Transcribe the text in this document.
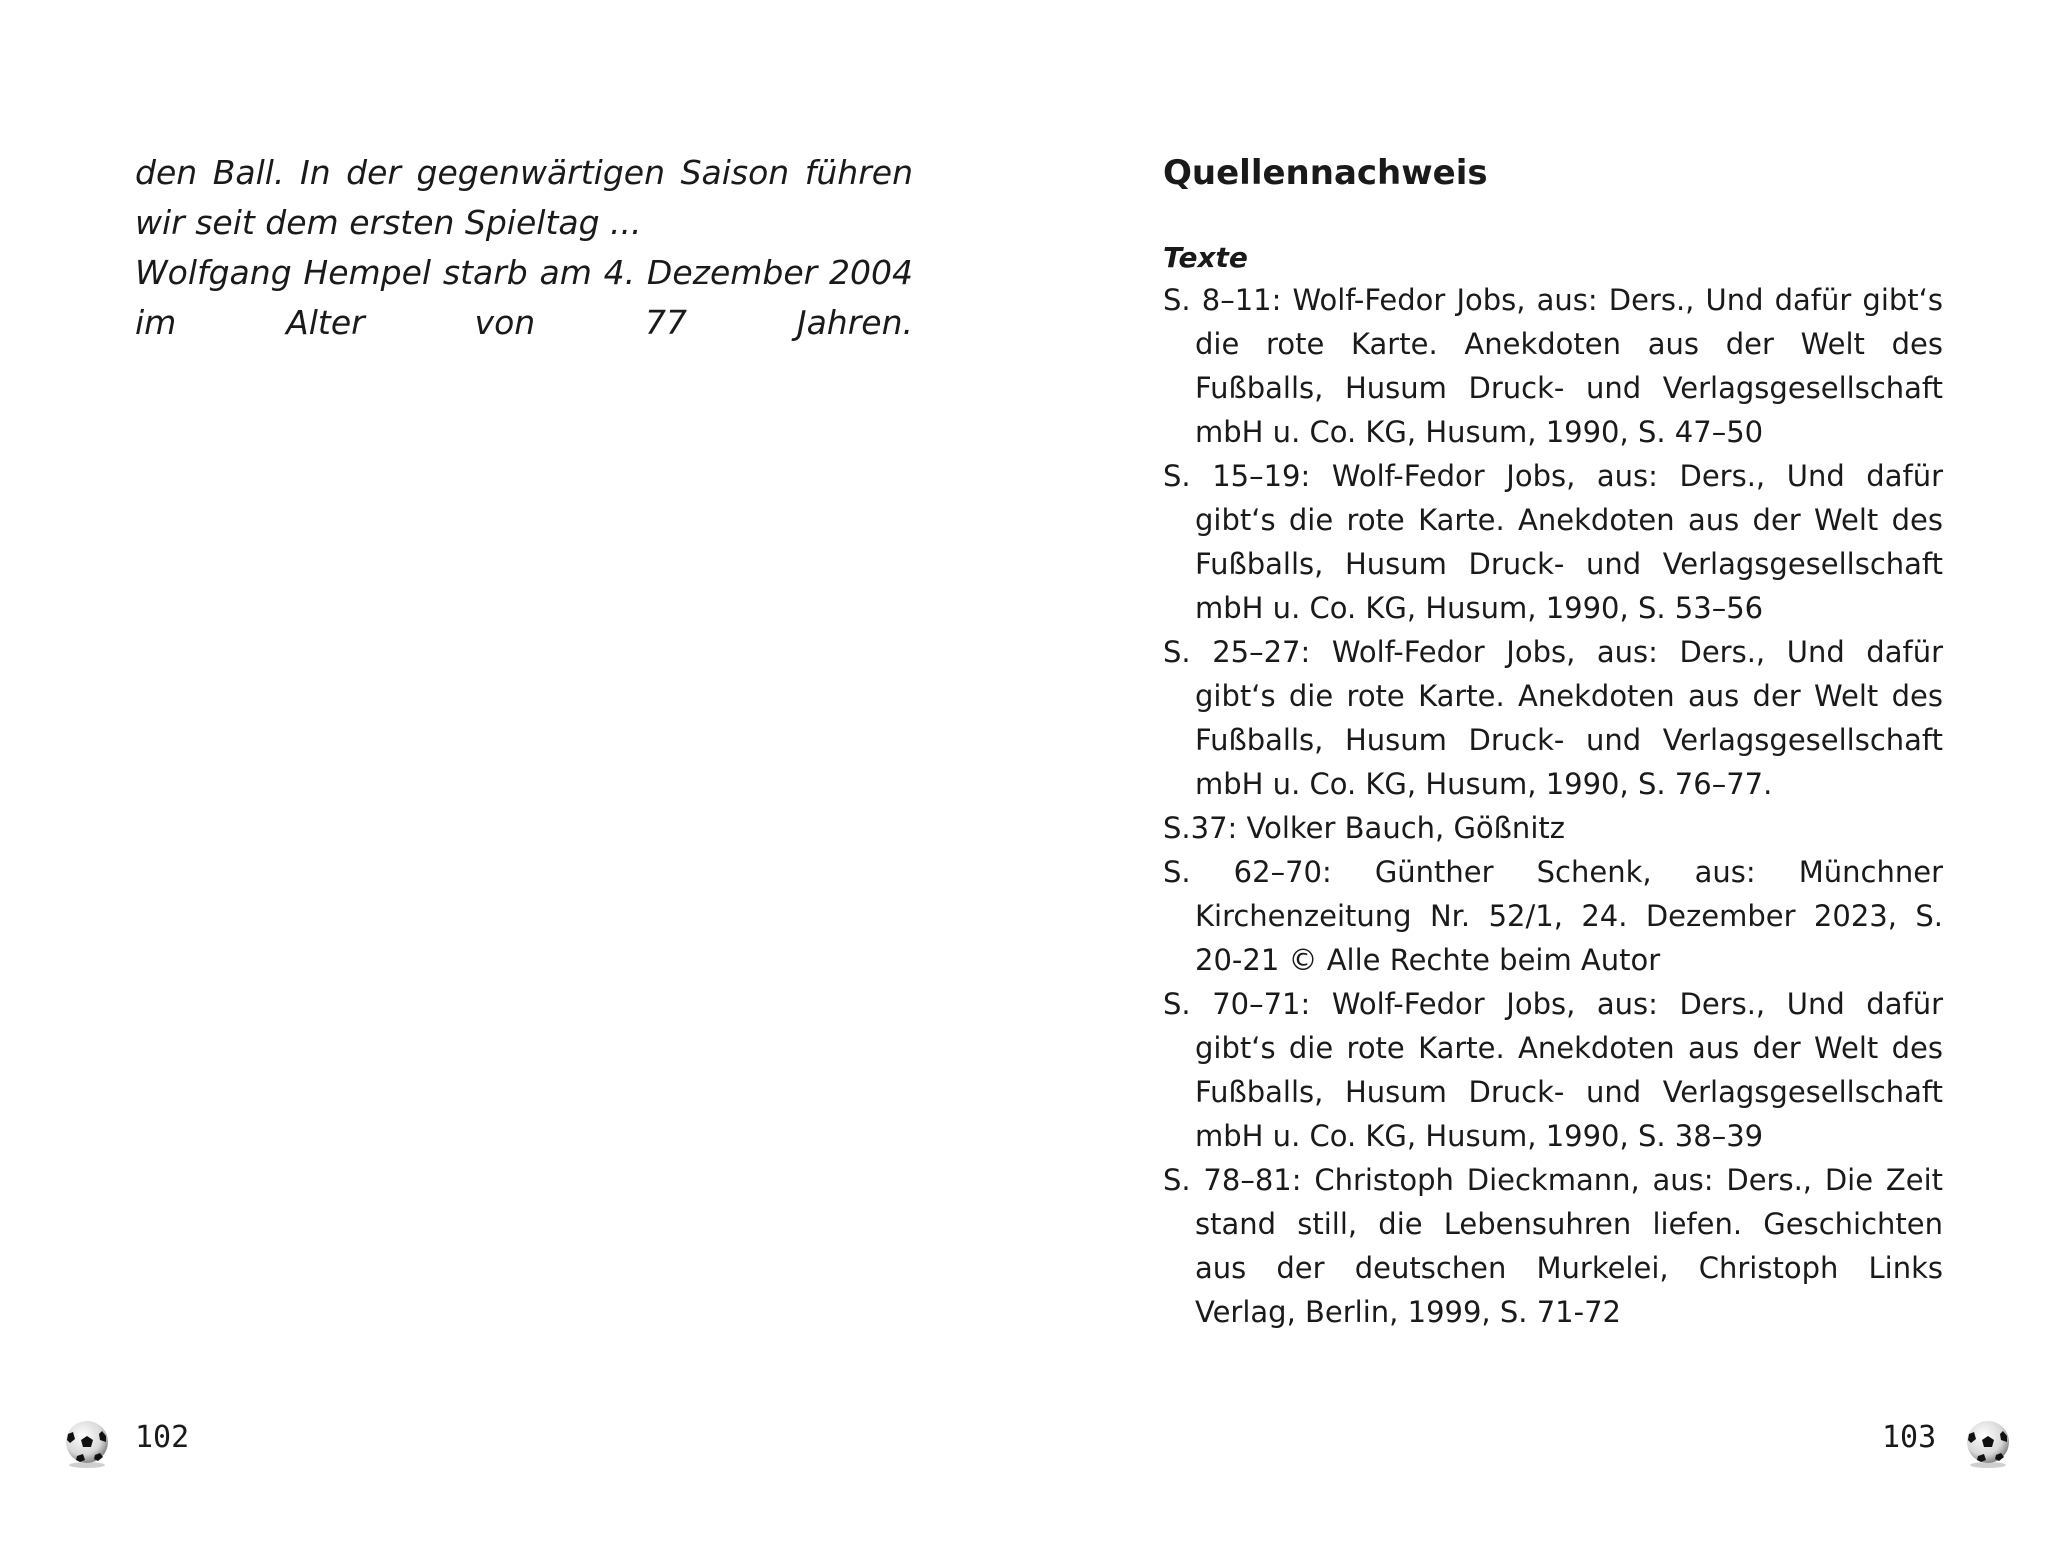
den Ball. In der gegenwärtigen Saison führen wir seit dem ersten Spieltag ...

Wolfgang Hempel starb am 4. Dezember 2004 im Alter von 77 Jahren.

Quellennachweis
Texte
S. 8–11: Wolf-Fedor Jobs, aus: Ders., Und dafür gibt‘s die rote Karte. Anekdoten aus der Welt des Fußballs, Husum Druck- und Verlagsgesellschaft mbH u. Co. KG, Husum, 1990, S. 47–50
S. 15–19: Wolf-Fedor Jobs, aus: Ders., Und dafür gibt‘s die rote Karte. Anekdoten aus der Welt des Fußballs, Husum Druck- und Verlagsgesellschaft mbH u. Co. KG, Husum, 1990, S. 53–56
S. 25–27: Wolf-Fedor Jobs, aus: Ders., Und dafür gibt‘s die rote Karte. Anekdoten aus der Welt des Fußballs, Husum Druck- und Verlagsgesellschaft mbH u. Co. KG, Husum, 1990, S. 76–77.
S.37: Volker Bauch, Gößnitz
S. 62–70: Günther Schenk, aus: Münchner Kirchenzeitung Nr. 52/1, 24. Dezember 2023, S. 20-21 © Alle Rechte beim Autor
S. 70–71: Wolf-Fedor Jobs, aus: Ders., Und dafür gibt‘s die rote Karte. Anekdoten aus der Welt des Fußballs, Husum Druck- und Verlagsgesellschaft mbH u. Co. KG, Husum, 1990, S. 38–39
S. 78–81: Christoph Dieckmann, aus: Ders., Die Zeit stand still, die Lebensuhren liefen. Geschichten aus der deutschen Murkelei, Christoph Links Verlag, Berlin, 1999, S. 71-72
102	103
